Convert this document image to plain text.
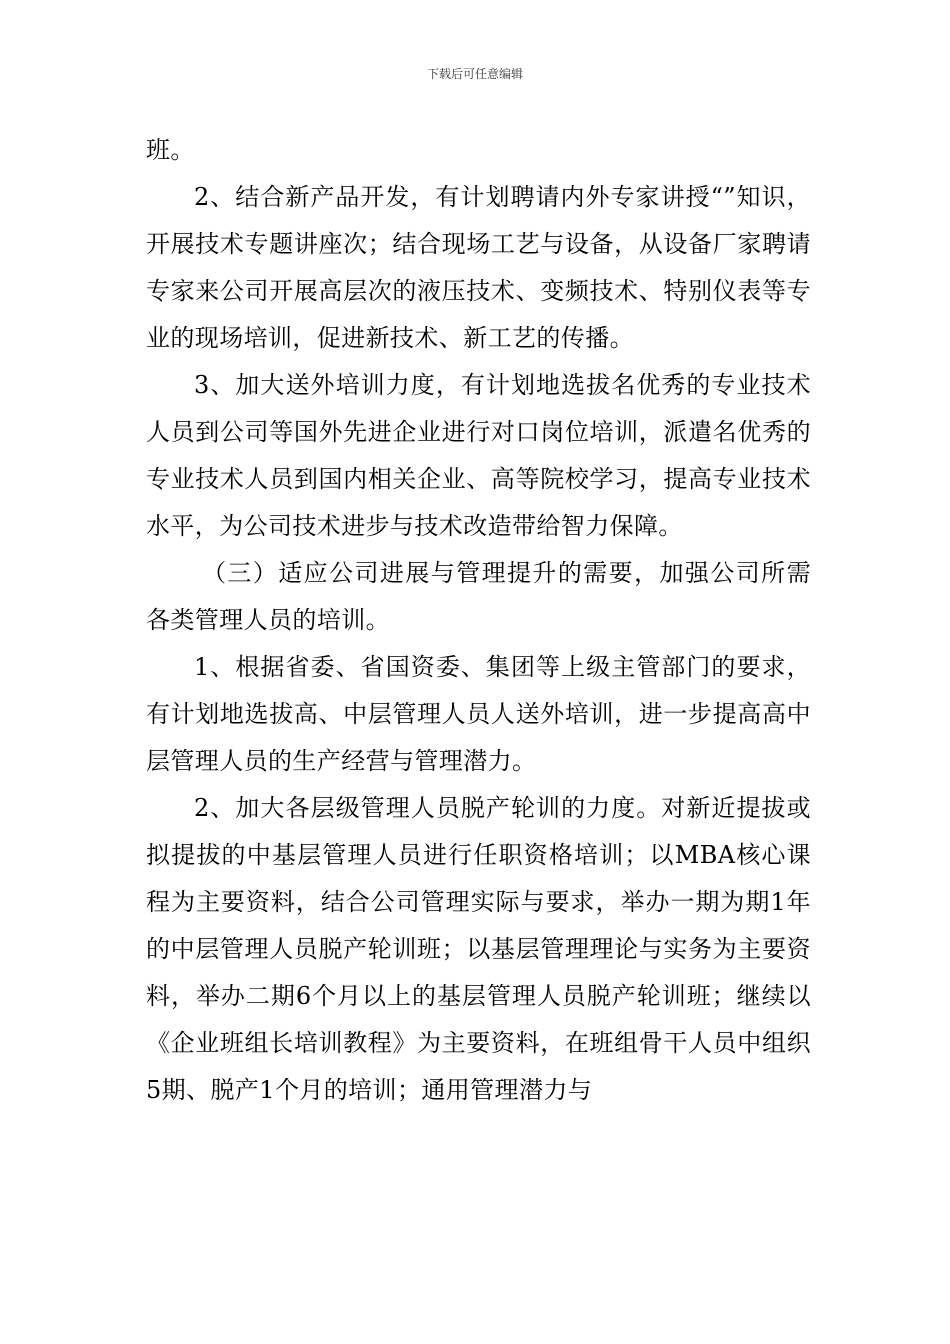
下载后可任意编辑

班。

2、结合新产品开发，有计划聘请内外专家讲授“”知识，开展技术专题讲座次；结合现场工艺与设备，从设备厂家聘请专家来公司开展高层次的液压技术、变频技术、特别仪表等专业的现场培训，促进新技术、新工艺的传播。

3、加大送外培训力度，有计划地选拔名优秀的专业技术人员到公司等国外先进企业进行对口岗位培训，派遣名优秀的专业技术人员到国内相关企业、高等院校学习，提高专业技术水平，为公司技术进步与技术改造带给智力保障。

（三）适应公司进展与管理提升的需要，加强公司所需各类管理人员的培训。

1、根据省委、省国资委、集团等上级主管部门的要求，有计划地选拔高、中层管理人员人送外培训，进一步提高高中层管理人员的生产经营与管理潜力。

2、加大各层级管理人员脱产轮训的力度。对新近提拔或拟提拔的中基层管理人员进行任职资格培训；以MBA核心课程为主要资料，结合公司管理实际与要求，举办一期为期1年的中层管理人员脱产轮训班；以基层管理理论与实务为主要资料，举办二期6个月以上的基层管理人员脱产轮训班；继续以《企业班组长培训教程》为主要资料，在班组骨干人员中组织5期、脱产1个月的培训；通用管理潜力与
